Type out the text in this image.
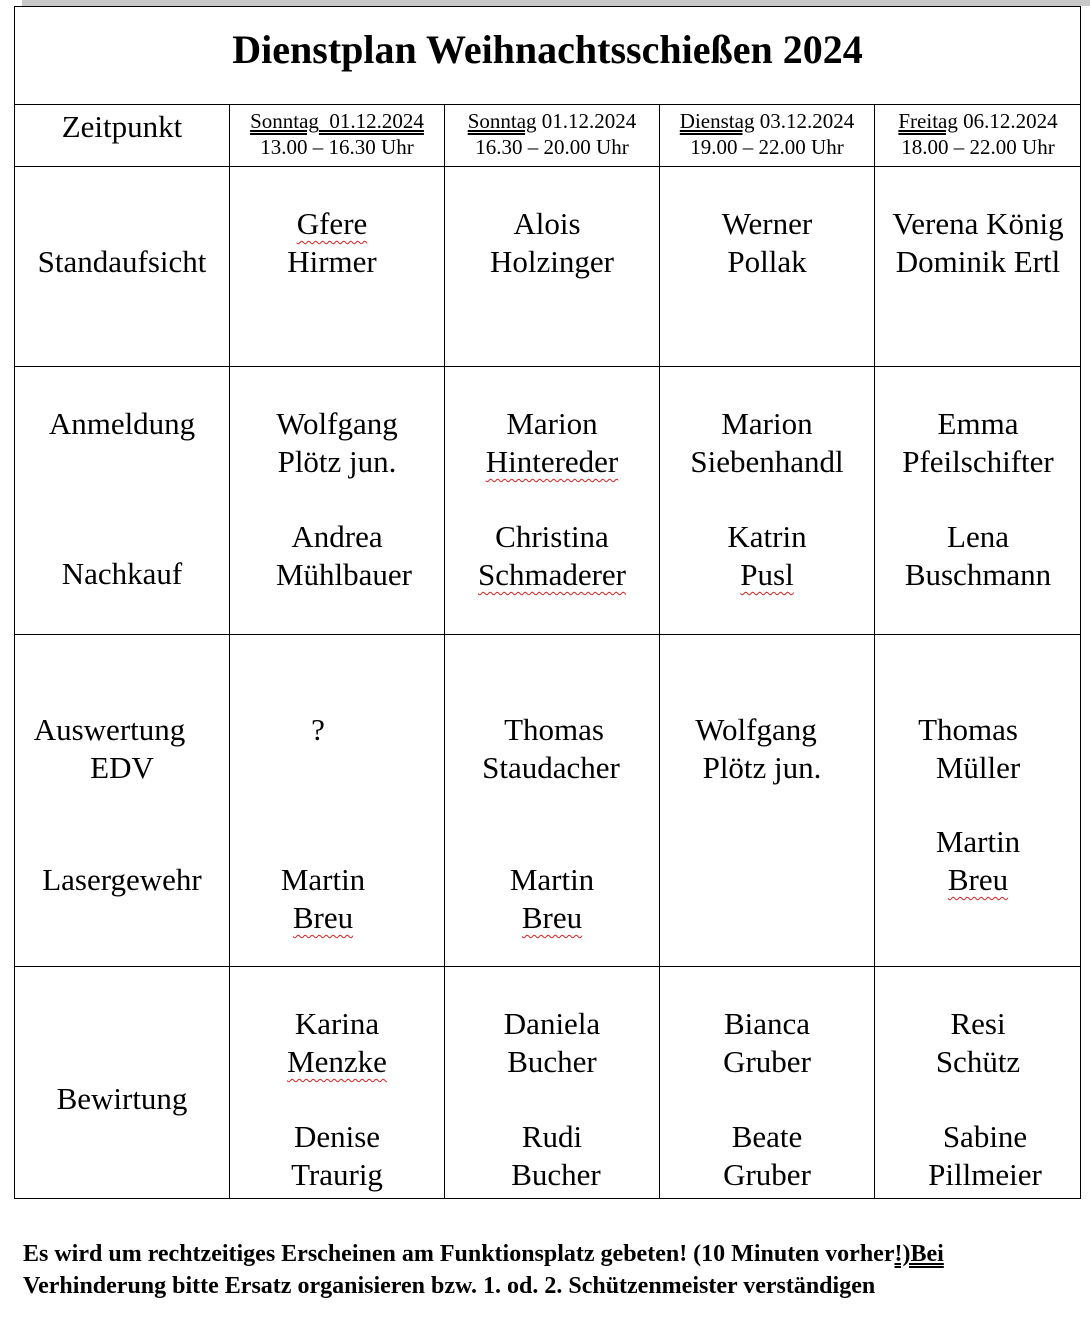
Dienstplan Weihnachtsschießen 2024
Zeitpunkt	Sonntag  01.12.2024
13.00 – 16.30 Uhr
Sonntag 01.12.2024
16.30 – 20.00 Uhr
Dienstag 03.12.2024
19.00 – 22.00 Uhr
Freitag 06.12.2024
18.00 – 22.00 Uhr
Standaufsicht
Anmeldung
Nachkauf
Auswertung
EDV
Lasergewehr
Bewirtung
Gfere
Hirmer
Alois
Holzinger
Werner
Pollak
Verena König
Dominik Ertl
Wolfgang
Plötz jun.
Marion
Hintereder
Marion
Siebenhandl
Emma
Pfeilschifter
Andrea
Mühlbauer
Christina
Schmaderer
Katrin
Pusl
Lena
Buschmann
?	Thomas
Staudacher
Wolfgang
Plötz jun.
Thomas
Müller
Martin
Breu
Martin
Breu
Martin
Breu
Karina
Menzke
Denise
Traurig
Daniela
Bucher
Rudi
Bucher
Bianca
Gruber
Beate
Gruber
Resi
Schütz
Sabine
Pillmeier
Es wird um rechtzeitiges Erscheinen am Funktionsplatz gebeten! (10 Minuten vorher!)Bei Verhinderung bitte Ersatz organisieren bzw. 1. od. 2. Schützenmeister verständigen
